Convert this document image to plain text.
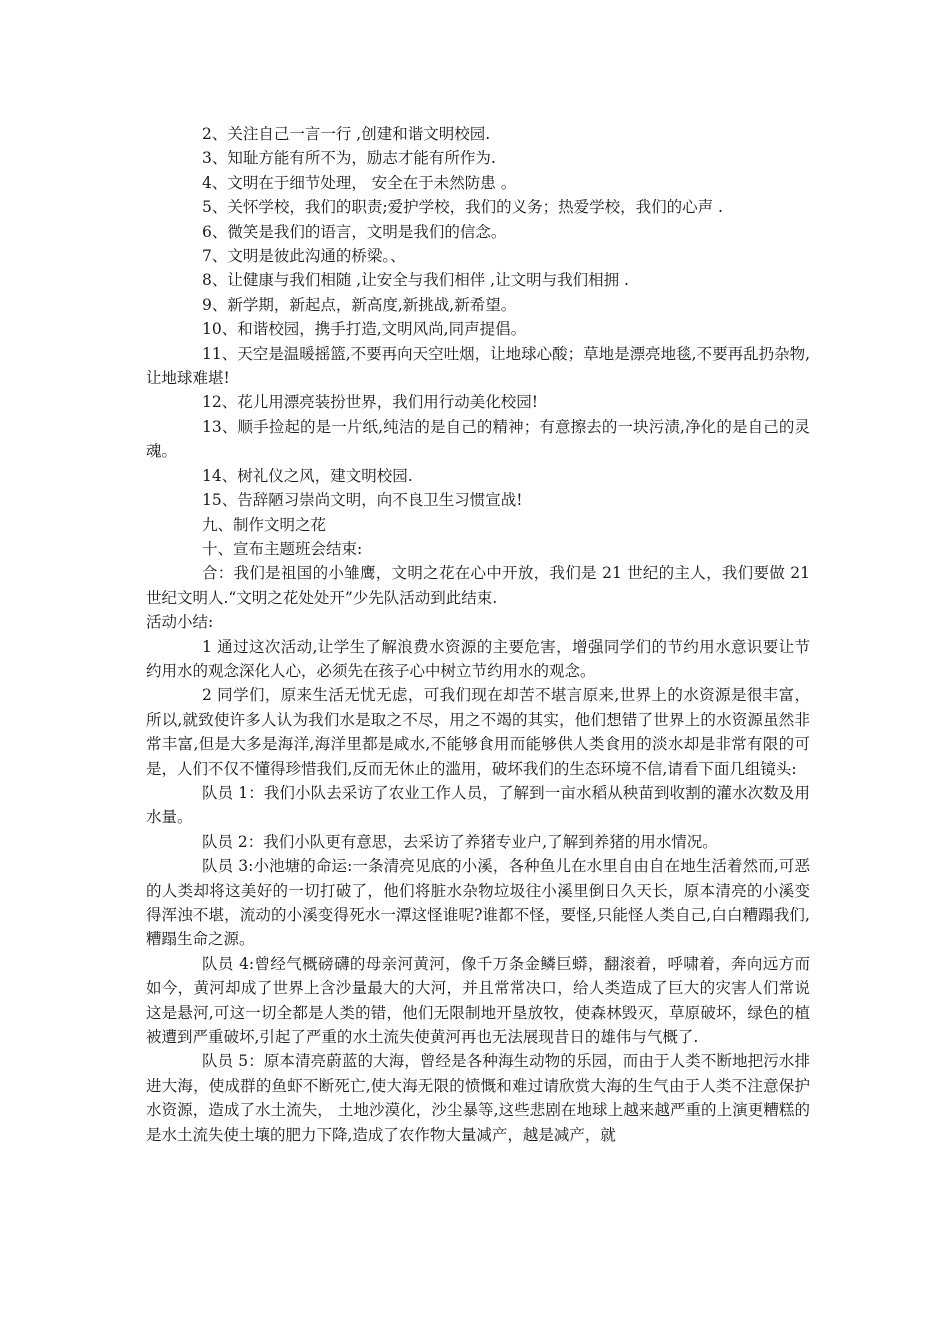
2、关注自己一言一行 ,创建和谐文明校园.

3、知耻方能有所不为，励志才能有所作为.

4、文明在于细节处理， 安全在于未然防患 。

5、关怀学校，我们的职责;爱护学校，我们的义务；热爱学校，我们的心声 .

6、微笑是我们的语言，文明是我们的信念。

7、文明是彼此沟通的桥梁。、

8、让健康与我们相随 ,让安全与我们相伴 ,让文明与我们相拥 .

9、新学期，新起点，新高度,新挑战,新希望。

10、和谐校园，携手打造,文明风尚,同声提倡。

11、天空是温暖摇篮,不要再向天空吐烟，让地球心酸；草地是漂亮地毯,不要再乱扔杂物,让地球难堪!

12、花儿用漂亮装扮世界，我们用行动美化校园!

13、顺手捡起的是一片纸,纯洁的是自己的精神；有意擦去的一块污渍,净化的是自己的灵魂。

14、树礼仪之风，建文明校园.

15、告辞陋习崇尚文明，向不良卫生习惯宣战!

九、制作文明之花

十、宣布主题班会结束:

合：我们是祖国的小雏鹰，文明之花在心中开放，我们是 21 世纪的主人，我们要做 21 世纪文明人.“文明之花处处开”少先队活动到此结束.

活动小结:

1 通过这次活动,让学生了解浪费水资源的主要危害，增强同学们的节约用水意识要让节约用水的观念深化人心，必须先在孩子心中树立节约用水的观念。

2 同学们，原来生活无忧无虑，可我们现在却苦不堪言原来,世界上的水资源是很丰富，所以,就致使许多人认为我们水是取之不尽，用之不竭的其实，他们想错了世界上的水资源虽然非常丰富,但是大多是海洋,海洋里都是咸水,不能够食用而能够供人类食用的淡水却是非常有限的可是，人们不仅不懂得珍惜我们,反而无休止的滥用，破坏我们的生态环境不信,请看下面几组镜头:

队员 1：我们小队去采访了农业工作人员，了解到一亩水稻从秧苗到收割的灌水次数及用水量。

队员 2：我们小队更有意思，去采访了养猪专业户,了解到养猪的用水情况。

队员 3:小池塘的命运:一条清亮见底的小溪，各种鱼儿在水里自由自在地生活着然而,可恶的人类却将这美好的一切打破了，他们将脏水杂物垃圾往小溪里倒日久天长，原本清亮的小溪变得浑浊不堪，流动的小溪变得死水一潭这怪谁呢?谁都不怪，要怪,只能怪人类自己,白白糟蹋我们,糟蹋生命之源。

队员 4:曾经气概磅礴的母亲河黄河，像千万条金鳞巨蟒，翻滚着，呼啸着，奔向远方而如今，黄河却成了世界上含沙量最大的大河，并且常常决口，给人类造成了巨大的灾害人们常说这是悬河,可这一切全都是人类的错，他们无限制地开垦放牧，使森林毁灭，草原破坏，绿色的植被遭到严重破坏,引起了严重的水土流失使黄河再也无法展现昔日的雄伟与气概了.

队员 5：原本清亮蔚蓝的大海，曾经是各种海生动物的乐园，而由于人类不断地把污水排进大海，使成群的鱼虾不断死亡,使大海无限的愤慨和难过请欣赏大海的生气由于人类不注意保护水资源，造成了水土流失， 土地沙漠化，沙尘暴等,这些悲剧在地球上越来越严重的上演更糟糕的是水土流失使土壤的肥力下降,造成了农作物大量减产，越是减产，就
